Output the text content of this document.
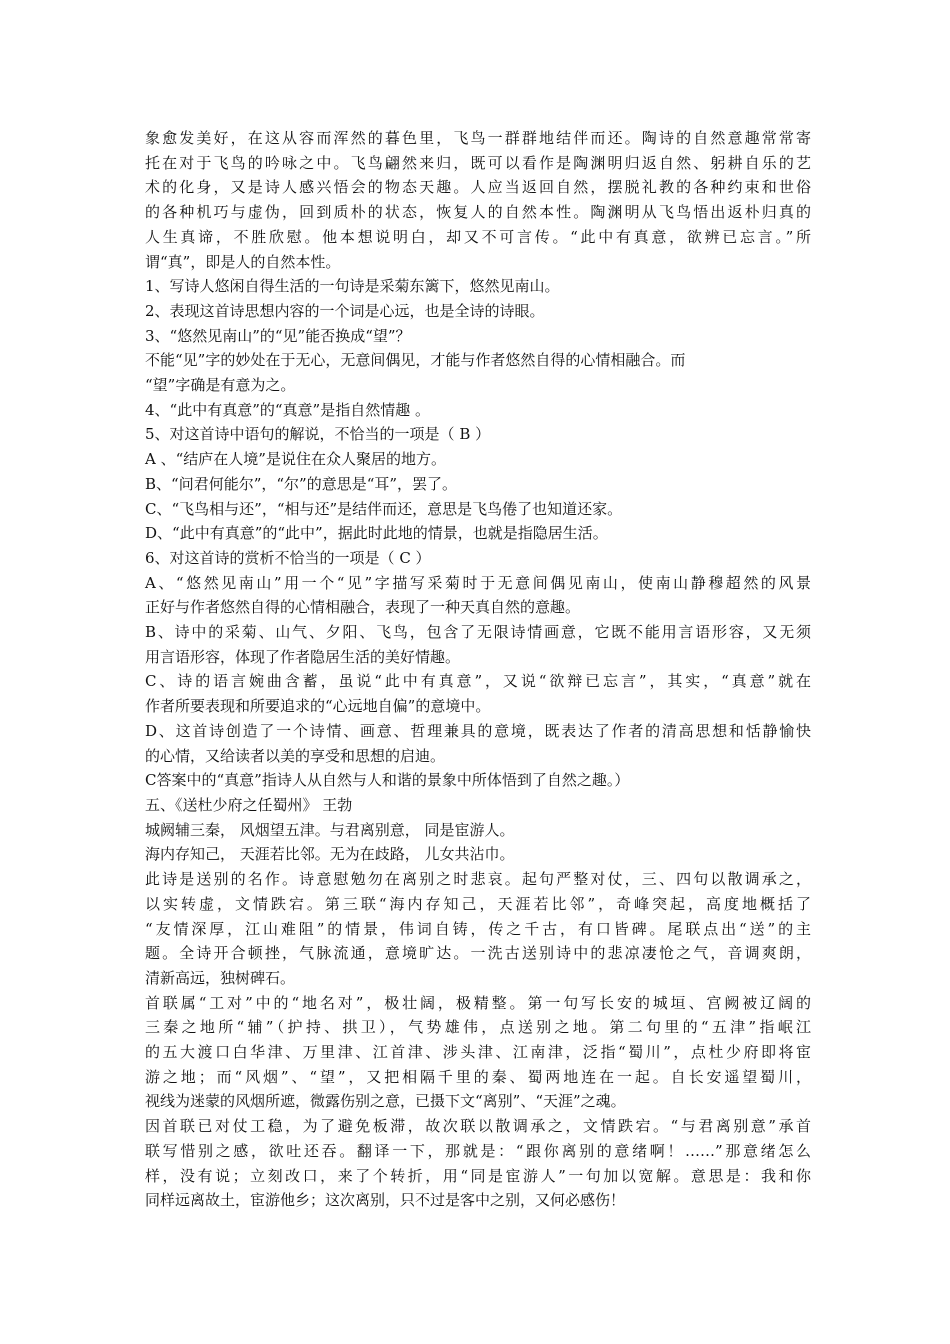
象愈发美好，在这从容而浑然的暮色里，飞鸟一群群地结伴而还。陶诗的自然意趣常常寄
托在对于飞鸟的吟咏之中。飞鸟翩然来归，既可以看作是陶渊明归返自然、躬耕自乐的艺
术的化身，又是诗人感兴悟会的物态天趣。人应当返回自然，摆脱礼教的各种约束和世俗
的各种机巧与虚伪，回到质朴的状态，恢复人的自然本性。陶渊明从飞鸟悟出返朴归真的
人生真谛，不胜欣慰。他本想说明白，却又不可言传。“此中有真意，欲辨已忘言。”所
谓“真”，即是人的自然本性。
1、写诗人悠闲自得生活的一句诗是采菊东篱下，悠然见南山。
2、表现这首诗思想内容的一个词是心远，也是全诗的诗眼。
3、“悠然见南山”的“见”能否换成“望”？
不能“见”字的妙处在于无心，无意间偶见，才能与作者悠然自得的心情相融合。而
“望”字确是有意为之。
4、“此中有真意”的“真意”是指自然情趣 。
5、对这首诗中语句的解说，不恰当的一项是（ B ）
A 、“结庐在人境”是说住在众人聚居的地方。
B、“问君何能尔”，“尔”的意思是“耳”，罢了。
C、“飞鸟相与还”，“相与还”是结伴而还，意思是飞鸟倦了也知道还家。
D、“此中有真意”的“此中”，据此时此地的情景，也就是指隐居生活。
6、对这首诗的赏析不恰当的一项是（ C ）
A、“悠然见南山”用一个“见”字描写采菊时于无意间偶见南山，使南山静穆超然的风景
正好与作者悠然自得的心情相融合，表现了一种天真自然的意趣。
B、诗中的采菊、山气、夕阳、飞鸟，包含了无限诗情画意，它既不能用言语形容，又无须
用言语形容，体现了作者隐居生活的美好情趣。
C、诗的语言婉曲含蓄，虽说“此中有真意”，又说“欲辩已忘言”，其实，“真意”就在
作者所要表现和所要追求的“心远地自偏”的意境中。
D、这首诗创造了一个诗情、画意、哲理兼具的意境，既表达了作者的清高思想和恬静愉快
的心情，又给读者以美的享受和思想的启迪。
C答案中的“真意”指诗人从自然与人和谐的景象中所体悟到了自然之趣。）
五、《送杜少府之任蜀州》 王勃
城阙辅三秦， 风烟望五津。与君离别意， 同是宦游人。
海内存知己， 天涯若比邻。无为在歧路， 儿女共沾巾。
此诗是送别的名作。诗意慰勉勿在离别之时悲哀。起句严整对仗，三、四句以散调承之，
以实转虚，文情跌宕。第三联“海内存知己，天涯若比邻”，奇峰突起，高度地概括了
“友情深厚，江山难阻”的情景，伟词自铸，传之千古，有口皆碑。尾联点出“送”的主
题。全诗开合顿挫，气脉流通，意境旷达。一洗古送别诗中的悲凉凄怆之气，音调爽朗，
清新高远，独树碑石。
首联属“工对”中的“地名对”，极壮阔，极精整。第一句写长安的城垣、宫阙被辽阔的
三秦之地所“辅”（护持、拱卫），气势雄伟，点送别之地。第二句里的“五津”指岷江
的五大渡口白华津、万里津、江首津、涉头津、江南津，泛指“蜀川”，点杜少府即将宦
游之地；而“风烟”、“望”，又把相隔千里的秦、蜀两地连在一起。自长安遥望蜀川，
视线为迷蒙的风烟所遮，微露伤别之意，已摄下文“离别”、“天涯”之魂。
因首联已对仗工稳，为了避免板滞，故次联以散调承之，文情跌宕。“与君离别意”承首
联写惜别之感，欲吐还吞。翻译一下，那就是：“跟你离别的意绪啊！……”那意绪怎么
样，没有说；立刻改口，来了个转折，用“同是宦游人”一句加以宽解。意思是：我和你
同样远离故土，宦游他乡；这次离别，只不过是客中之别，又何必感伤！
